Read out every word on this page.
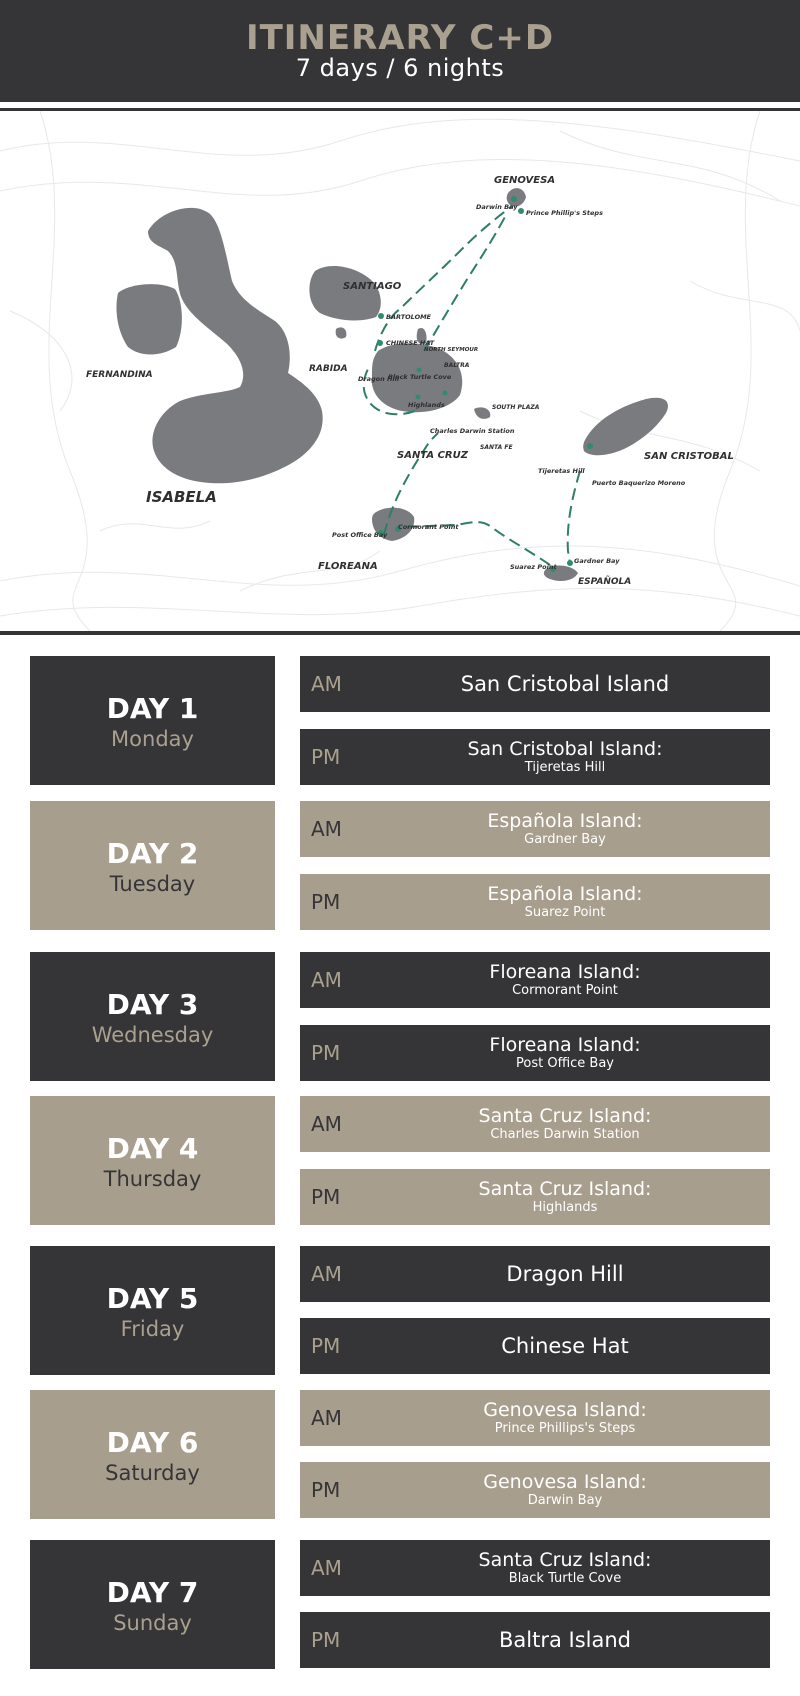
ITINERARY C+D
7 days / 6 nights
GENOVESA
SANTIAGO
FERNANDINA
RABIDA
ISABELA
SANTA CRUZ
SOUTH PLAZA
SANTA FE
SAN CRISTOBAL
FLOREANA
ESPAÑOLA
BALTRA
NORTH SEYMOUR
Darwin Bay
Prince Phillip's Steps
BARTOLOME
CHINESE HAT
Dragon Hill
Black Turtle Cove
Highlands
Charles Darwin Station
Tijeretas Hill
Puerto Baquerizo Moreno
Gardner Bay
Suarez Point
Post Office Bay
Cormorant Point
DAY 1
Monday
AM	San Cristobal Island
PM	San Cristobal Island:
Tijeretas Hill
DAY 2
Tuesday
AM	Española Island:
Gardner Bay
PM	Española Island:
Suarez Point
DAY 3
Wednesday
AM	Floreana Island:
Cormorant Point
PM	Floreana Island:
Post Office Bay
DAY 4
Thursday
AM	Santa Cruz Island:
Charles Darwin Station
PM	Santa Cruz Island:
Highlands
DAY 5
Friday
AM	Dragon Hill
PM	Chinese Hat
DAY 6
Saturday
AM	Genovesa Island:
Prince Phillips's Steps
PM	Genovesa Island:
Darwin Bay
DAY 7
Sunday
AM	Santa Cruz Island:
Black Turtle Cove
PM	Baltra Island
